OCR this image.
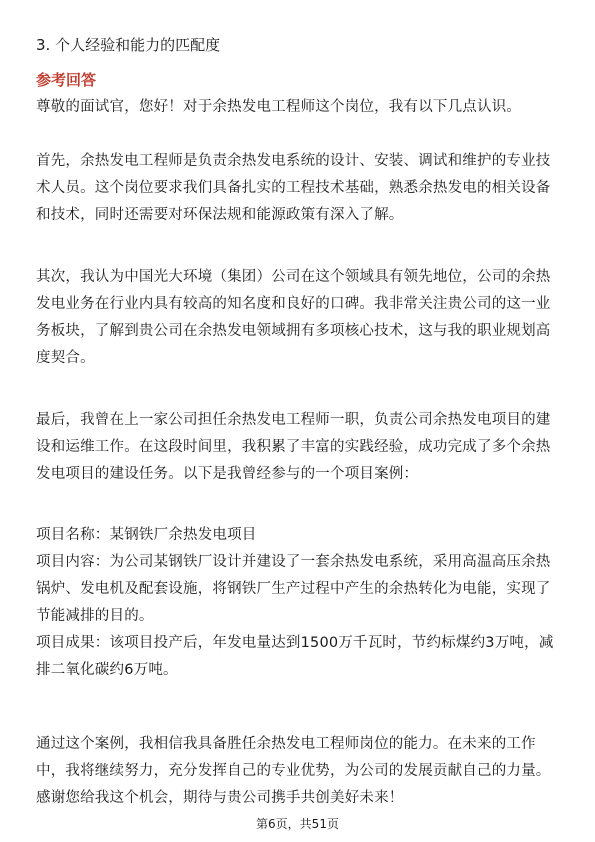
3. 个人经验和能力的匹配度
参考回答

尊敬的面试官，您好！对于余热发电工程师这个岗位，我有以下几点认识。

首先，余热发电工程师是负责余热发电系统的设计、安装、调试和维护的专业技术人员。这个岗位要求我们具备扎实的工程技术基础，熟悉余热发电的相关设备和技术，同时还需要对环保法规和能源政策有深入了解。

其次，我认为中国光大环境（集团）公司在这个领域具有领先地位，公司的余热发电业务在行业内具有较高的知名度和良好的口碑。我非常关注贵公司的这一业务板块，了解到贵公司在余热发电领域拥有多项核心技术，这与我的职业规划高度契合。

最后，我曾在上一家公司担任余热发电工程师一职，负责公司余热发电项目的建设和运维工作。在这段时间里，我积累了丰富的实践经验，成功完成了多个余热发电项目的建设任务。以下是我曾经参与的一个项目案例：

项目名称：某钢铁厂余热发电项目

项目内容：为公司某钢铁厂设计并建设了一套余热发电系统，采用高温高压余热锅炉、发电机及配套设施，将钢铁厂生产过程中产生的余热转化为电能，实现了节能减排的目的。

项目成果：该项目投产后，年发电量达到1500万千瓦时，节约标煤约3万吨，减排二氧化碳约6万吨。

通过这个案例，我相信我具备胜任余热发电工程师岗位的能力。在未来的工作中，我将继续努力，充分发挥自己的专业优势，为公司的发展贡献自己的力量。感谢您给我这个机会，期待与贵公司携手共创美好未来！

第6页，共51页
